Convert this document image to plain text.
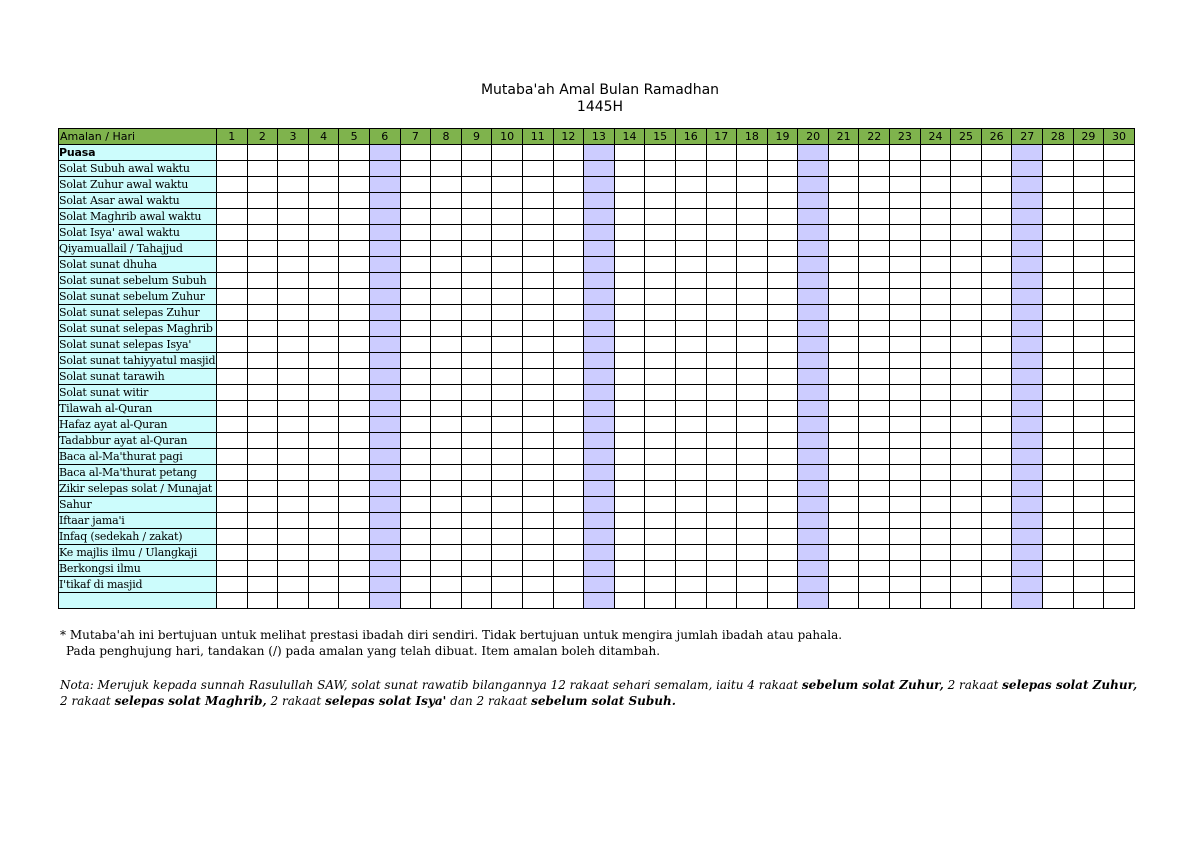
Mutaba'ah Amal Bulan Ramadhan
1445H
Amalan / Hari	1	2	3	4	5	6	7	8	9	10	11	12	13	14	15	16	17	18	19	20	21	22	23	24	25	26	27	28	29	30
Puasa																														
Solat Subuh awal waktu																														
Solat Zuhur awal waktu																														
Solat Asar awal waktu																														
Solat Maghrib awal waktu																														
Solat Isya' awal waktu																														
Qiyamuallail / Tahajjud																														
Solat sunat dhuha																														
Solat sunat sebelum Subuh																														
Solat sunat sebelum Zuhur																														
Solat sunat selepas Zuhur																														
Solat sunat selepas Maghrib																														
Solat sunat selepas Isya'																														
Solat sunat tahiyyatul masjid																														
Solat sunat tarawih																														
Solat sunat witir																														
Tilawah al-Quran																														
Hafaz ayat al-Quran																														
Tadabbur ayat al-Quran																														
Baca al-Ma'thurat pagi																														
Baca al-Ma'thurat petang																														
Zikir selepas solat / Munajat																														
Sahur																														
Iftaar jama'i																														
Infaq (sedekah / zakat)																														
Ke majlis ilmu / Ulangkaji																														
Berkongsi ilmu																														
I'tikaf di masjid																														

* Mutaba'ah ini bertujuan untuk melihat prestasi ibadah diri sendiri. Tidak bertujuan untuk mengira jumlah ibadah atau pahala.
Pada penghujung hari, tandakan (/) pada amalan yang telah dibuat. Item amalan boleh ditambah.
Nota: Merujuk kepada sunnah Rasulullah SAW, solat sunat rawatib bilangannya 12 rakaat sehari semalam, iaitu 4 rakaat sebelum solat Zuhur, 2 rakaat selepas solat Zuhur, 2 rakaat selepas solat Maghrib, 2 rakaat selepas solat Isya' dan 2 rakaat sebelum solat Subuh.
